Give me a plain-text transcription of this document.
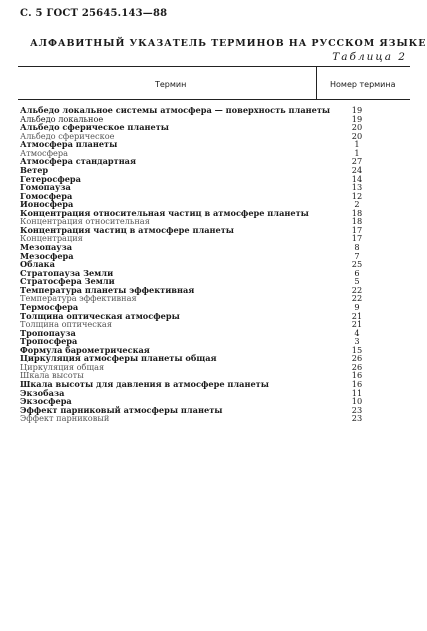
С. 5 ГОСТ 25645.143—88
АЛФАВИТНЫЙ УКАЗАТЕЛЬ ТЕРМИНОВ НА РУССКОМ ЯЗЫКЕ
Таблица 2
Термин	Номер термина
Альбедо локальное системы атмосфера — поверхность планеты	19
Альбедо локальное	19
Альбедо сферическое планеты	20
Альбедо сферическое	20
Атмосфера планеты	1
Атмосфера	1
Атмосфера стандартная	27
Ветер	24
Гетеросфера	14
Гомопауза	13
Гомосфера	12
Ионосфера	2
Концентрация относительная частиц в атмосфере планеты	18
Концентрация относительная	18
Концентрация частиц в атмосфере планеты	17
Концентрация	17
Мезопауза	8
Мезосфера	7
Облака	25
Стратопауза Земли	6
Стратосфера Земли	5
Температура планеты эффективная	22
Температура эффективная	22
Термосфера	9
Толщина оптическая атмосферы	21
Толщина оптическая	21
Тропопауза	4
Тропосфера	3
Формула барометрическая	15
Циркуляция атмосферы планеты общая	26
Циркуляция общая	26
Шкала высоты	16
Шкала высоты для давления в атмосфере планеты	16
Экзобаза	11
Экзосфера	10
Эффект парниковый атмосферы планеты	23
Эффект парниковый	23
